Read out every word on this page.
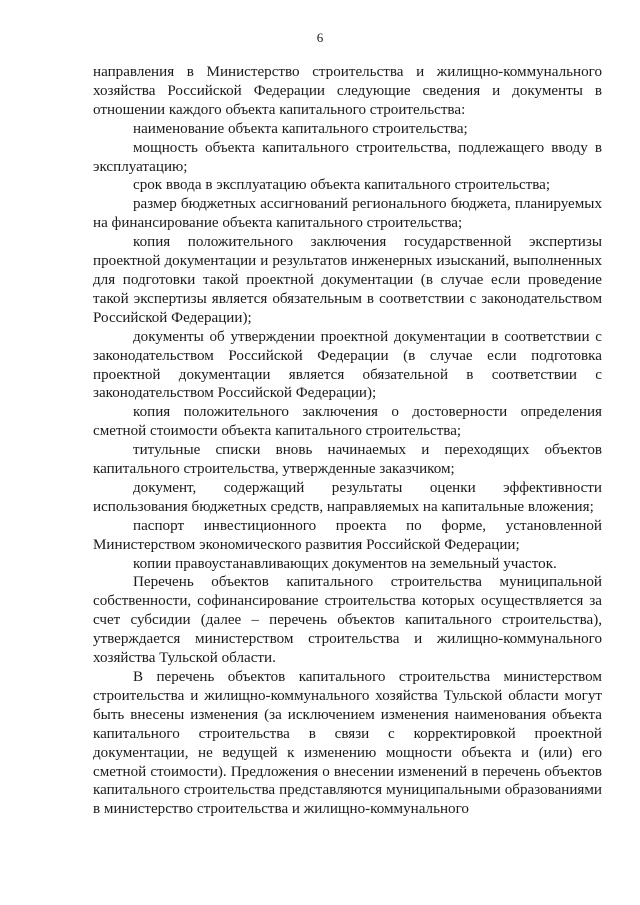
6

направления в Министерство строительства и жилищно-коммунального хозяйства Российской Федерации следующие сведения и документы в отношении каждого объекта капитального строительства:

наименование объекта капитального строительства;

мощность объекта капитального строительства, подлежащего вводу в эксплуатацию;

срок ввода в эксплуатацию объекта капитального строительства;

размер бюджетных ассигнований регионального бюджета, планируемых на финансирование объекта капитального строительства;

копия положительного заключения государственной экспертизы проектной документации и результатов инженерных изысканий, выполненных для подготовки такой проектной документации (в случае если проведение такой экспертизы является обязательным в соответствии с законодательством Российской Федерации);

документы об утверждении проектной документации в соответствии с законодательством Российской Федерации (в случае если подготовка проектной документации является обязательной в соответствии с законодательством Российской Федерации);

копия положительного заключения о достоверности определения сметной стоимости объекта капитального строительства;

титульные списки вновь начинаемых и переходящих объектов капитального строительства, утвержденные заказчиком;

документ, содержащий результаты оценки эффективности использования бюджетных средств, направляемых на капитальные вложения;

паспорт инвестиционного проекта по форме, установленной Министерством экономического развития Российской Федерации;

копии правоустанавливающих документов на земельный участок.

Перечень объектов капитального строительства муниципальной собственности, софинансирование строительства которых осуществляется за счет субсидии (далее – перечень объектов капитального строительства), утверждается министерством строительства и жилищно-коммунального хозяйства Тульской области.

В перечень объектов капитального строительства министерством строительства и жилищно-коммунального хозяйства Тульской области могут быть внесены изменения (за исключением изменения наименования объекта капитального строительства в связи с корректировкой проектной документации, не ведущей к изменению мощности объекта и (или) его сметной стоимости). Предложения о внесении изменений в перечень объектов капитального строительства представляются муниципальными образованиями в министерство строительства и жилищно-коммунального
